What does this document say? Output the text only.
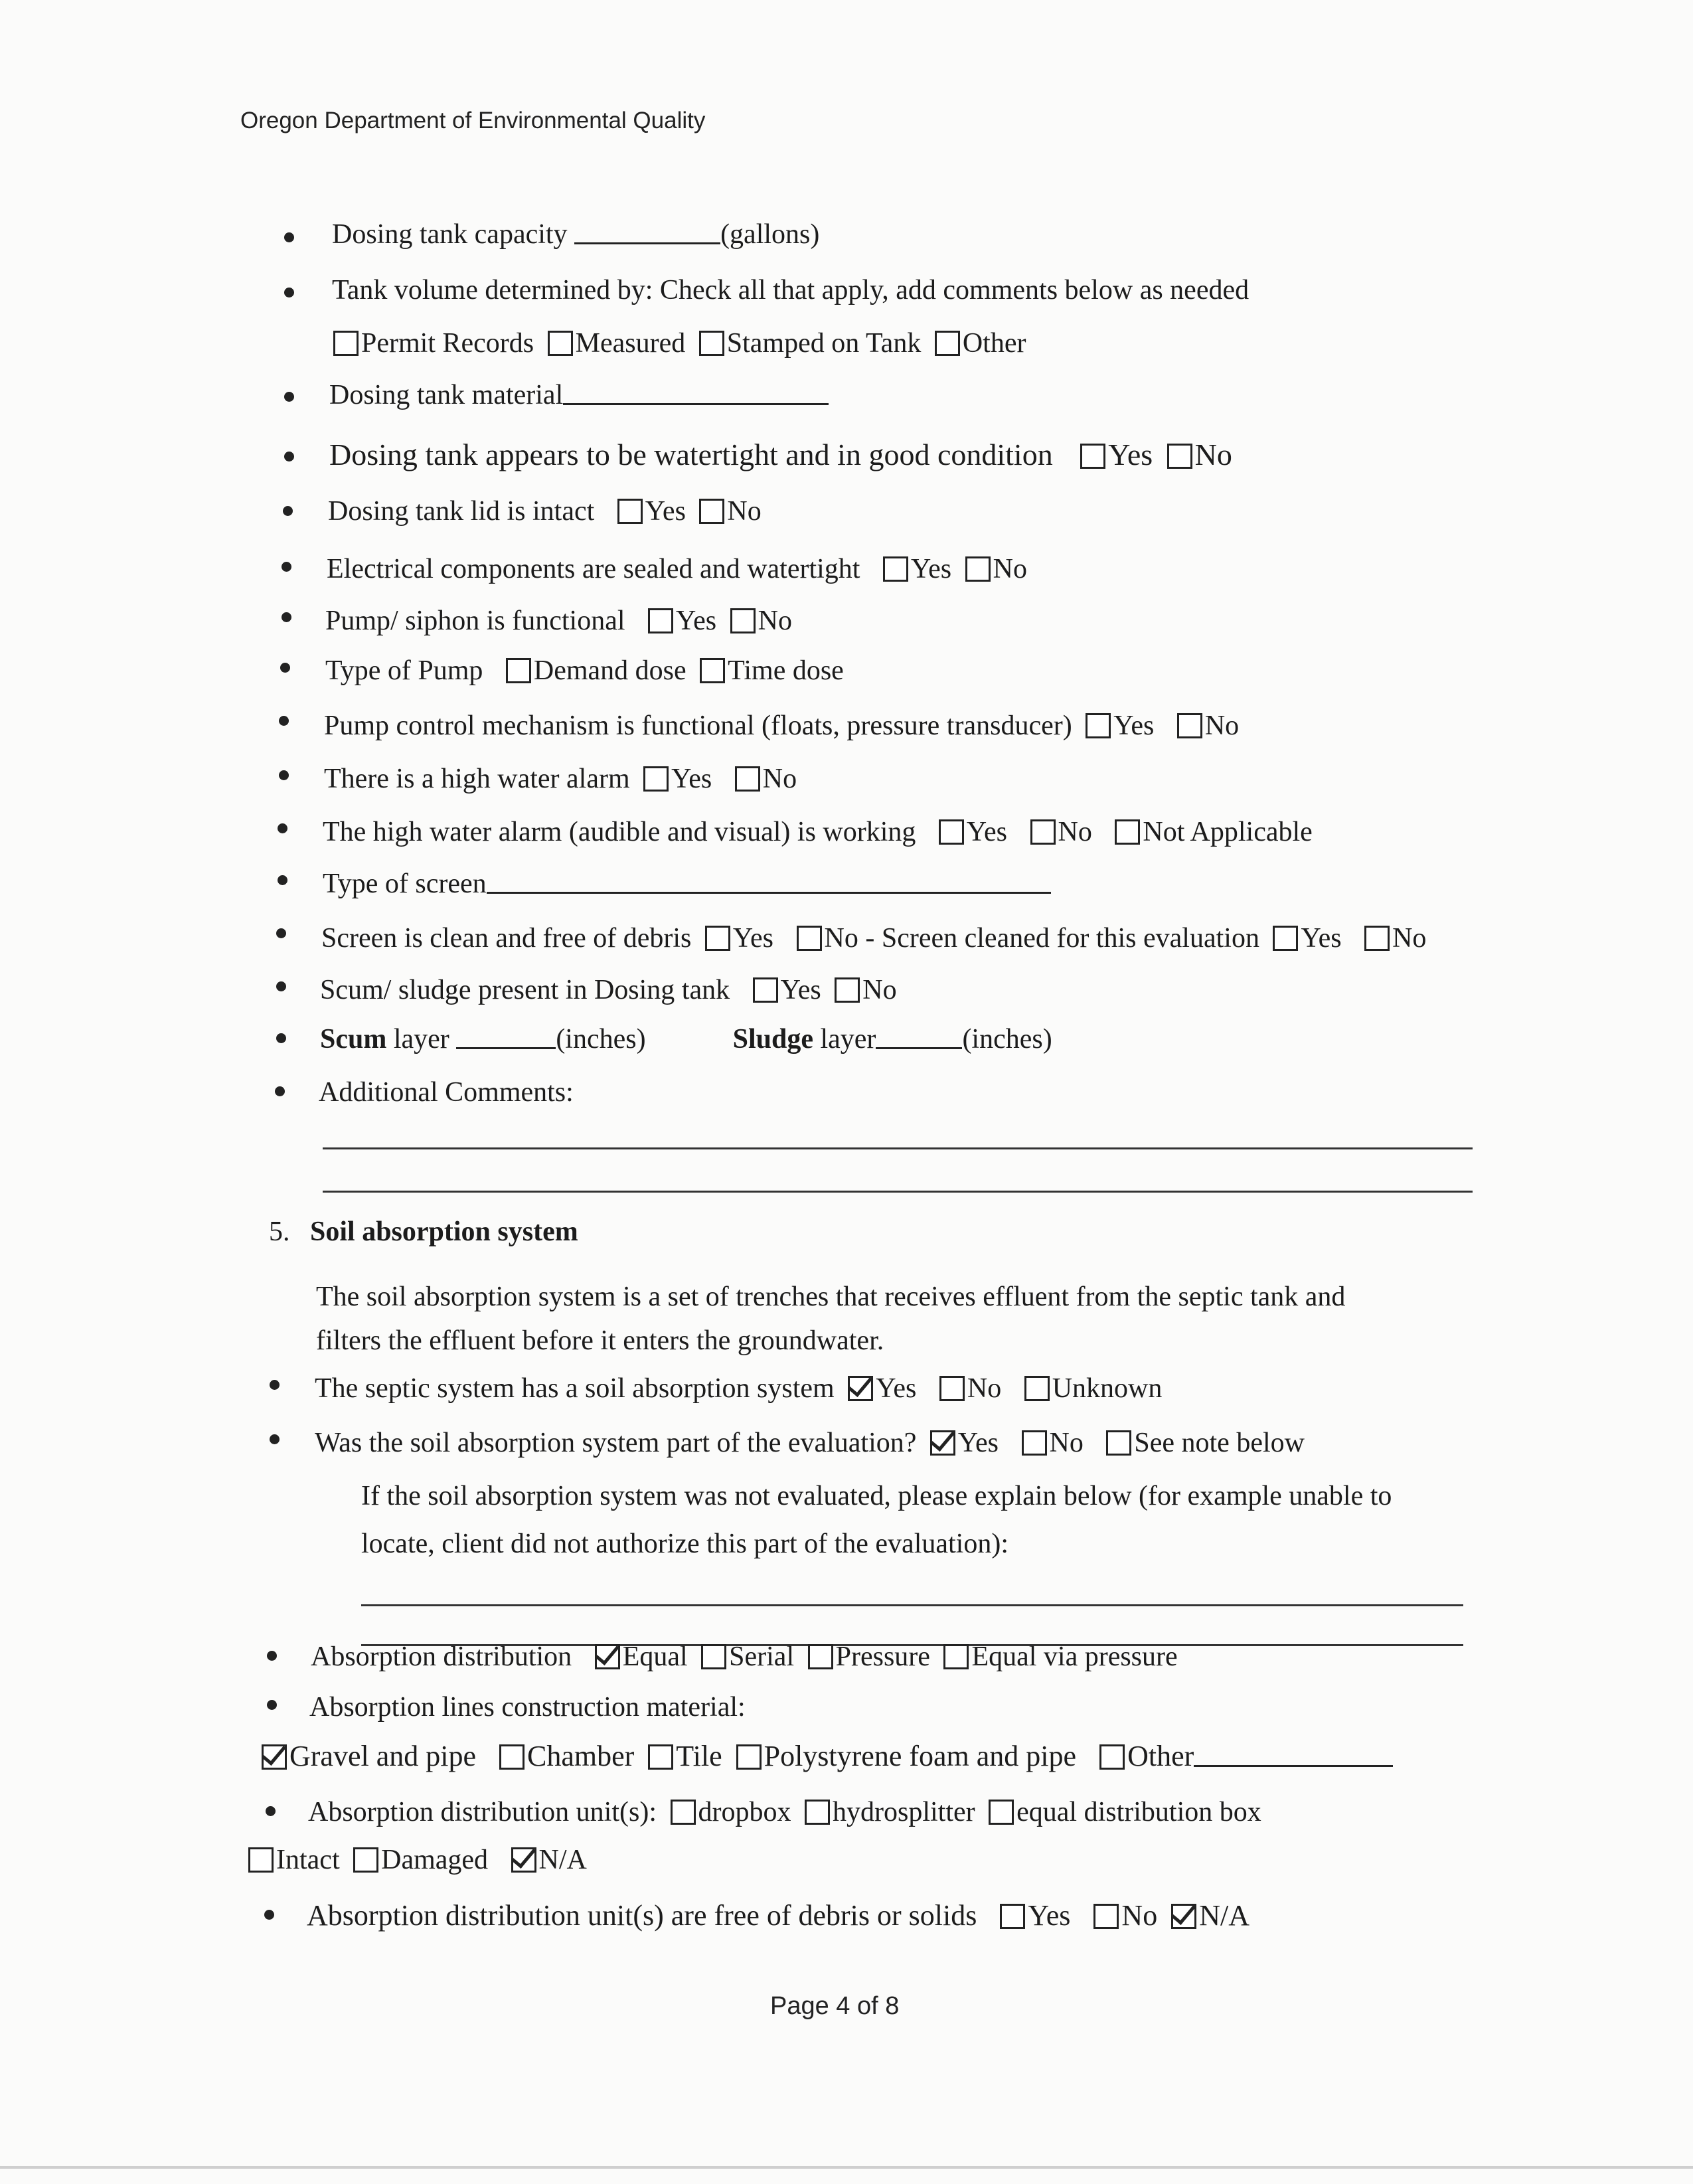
Oregon Department of Environmental Quality
Dosing tank capacity	(gallons)
Tank volume determined by: Check all that apply, add comments below as needed
Permit Records Measured Stamped on Tank Other
Dosing tank material
Dosing tank appears to be watertight and in good condition Yes No
Dosing tank lid is intact Yes No
Electrical components are sealed and watertight Yes No
Pump/ siphon is functional Yes No
Type of Pump Demand dose Time dose
Pump control mechanism is functional (floats, pressure transducer) Yes No
There is a high water alarm Yes No
The high water alarm (audible and visual) is working Yes No Not Applicable
Type of screen
Screen is clean and free of debris Yes No - Screen cleaned for this evaluation Yes No
Scum/ sludge present in Dosing tank Yes No
Scum layer	(inches)	Sludge layer	(inches)
Additional Comments:
5. Soil absorption system
The soil absorption system is a set of trenches that receives effluent from the septic tank and
filters the effluent before it enters the groundwater.
The septic system has a soil absorption system Yes No Unknown
Was the soil absorption system part of the evaluation? Yes No See note below
If the soil absorption system was not evaluated, please explain below (for example unable to
locate, client did not authorize this part of the evaluation):
Absorption distribution Equal Serial Pressure Equal via pressure
Absorption lines construction material:
Gravel and pipe Chamber Tile Polystyrene foam and pipe Other
Absorption distribution unit(s): dropbox hydrosplitter equal distribution box
Intact Damaged N/A
Absorption distribution unit(s) are free of debris or solids Yes No N/A
Page 4 of 8
